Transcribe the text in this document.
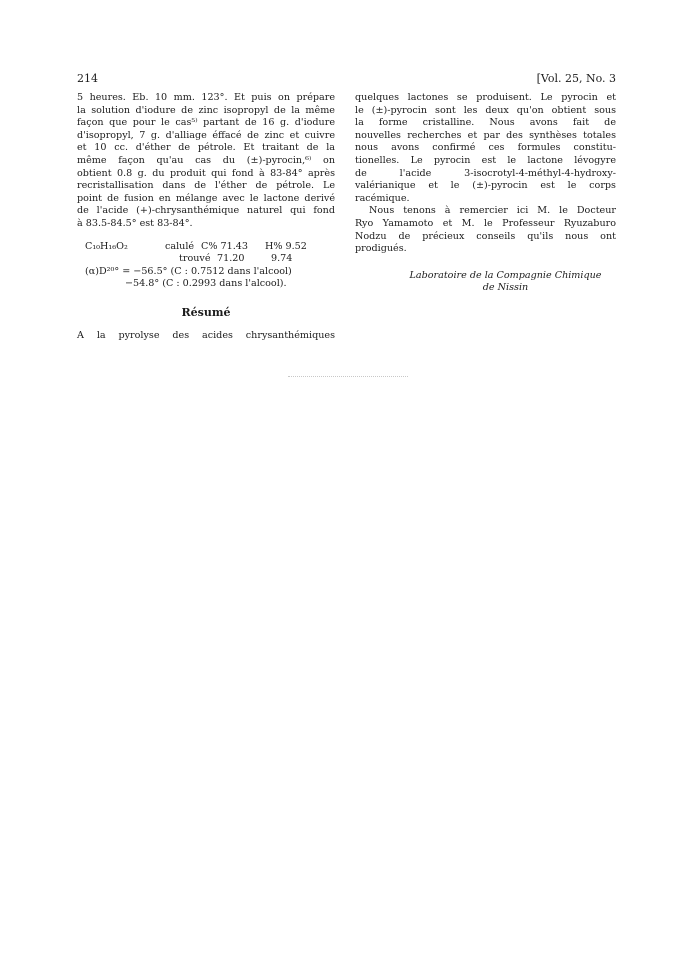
214	[Vol. 25, No. 3

5 heures. Eb. 10 mm. 123°. Et puis on prépare
la solution d'iodure de zinc isopropyl de la même
façon que pour le cas⁵⁾ partant de 16 g. d'iodure
d'isopropyl, 7 g. d'alliage éffacé de zinc et cuivre
et 10 cc. d'éther de pétrole. Et traitant de la
même façon qu'au cas du (±)-pyrocin,⁶⁾ on
obtient 0.8 g. du produit qui fond à 83-84° après
recristallisation dans de l'éther de pétrole. Le
point de fusion en mélange avec le lactone derivé
de l'acide (+)-chrysanthémique naturel qui fond
à 83.5-84.5° est 83-84°.

C₁₀H₁₆O₂	calulé C% 71.43	H% 9.52
trouvé 71.20	9.74
(α)D²⁰° = −56.5° (C : 0.7512 dans l'alcool)
−54.8° (C : 0.2993 dans l'alcool).
Résumé

A la pyrolyse des acides chrysanthémiques

quelques lactones se produisent. Le pyrocin et
le (±)-pyrocin sont les deux qu'on obtient sous
la forme cristalline. Nous avons fait de
nouvelles recherches et par des synthèses totales
nous avons confirmé ces formules constitu-
tionelles. Le pyrocin est le lactone lévogyre
de l'acide 3-isocrotyl-4-méthyl-4-hydroxy-
valérianique et le (±)-pyrocin est le corps
racémique.

Nous tenons à remercier ici M. le Docteur
Ryo Yamamoto et M. le Professeur Ryuzaburo
Nodzu de précieux conseils qu'ils nous ont
prodigués.

Laboratoire de la Compagnie Chimique
de Nissin
